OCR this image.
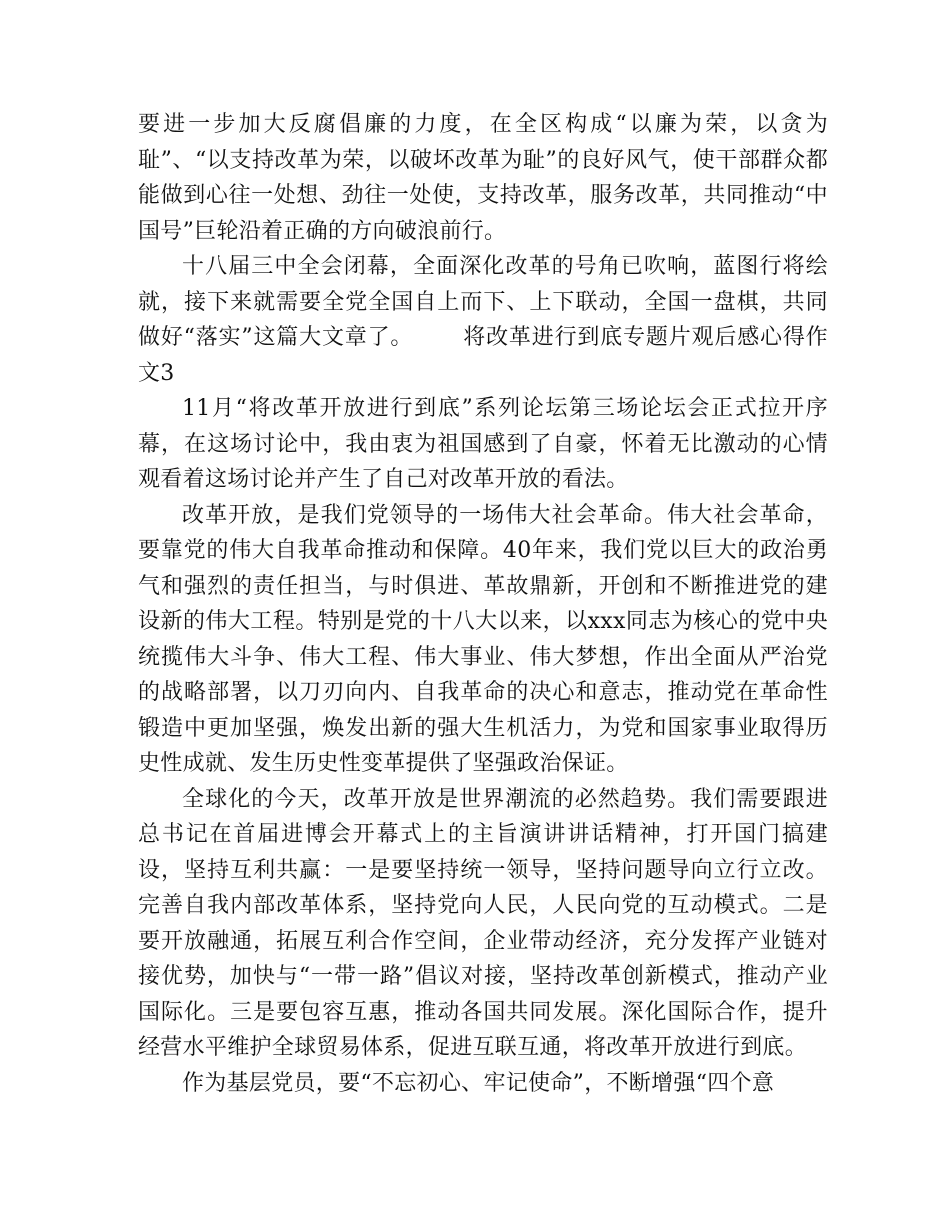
要进一步加大反腐倡廉的力度，在全区构成“以廉为荣，以贪为耻”、“以支持改革为荣，以破坏改革为耻”的良好风气，使干部群众都能做到心往一处想、劲往一处使，支持改革，服务改革，共同推动“中国号”巨轮沿着正确的方向破浪前行。

十八届三中全会闭幕，全面深化改革的号角已吹响，蓝图行将绘就，接下来就需要全党全国自上而下、上下联动，全国一盘棋，共同做好“落实”这篇大文章了。 将改革进行到底专题片观后感心得作文3

11月“将改革开放进行到底”系列论坛第三场论坛会正式拉开序幕，在这场讨论中，我由衷为祖国感到了自豪，怀着无比激动的心情观看着这场讨论并产生了自己对改革开放的看法。

改革开放，是我们党领导的一场伟大社会革命。伟大社会革命，要靠党的伟大自我革命推动和保障。40年来，我们党以巨大的政治勇气和强烈的责任担当，与时俱进、革故鼎新，开创和不断推进党的建设新的伟大工程。特别是党的十八大以来，以xxx同志为核心的党中央统揽伟大斗争、伟大工程、伟大事业、伟大梦想，作出全面从严治党的战略部署，以刀刃向内、自我革命的决心和意志，推动党在革命性锻造中更加坚强，焕发出新的强大生机活力，为党和国家事业取得历史性成就、发生历史性变革提供了坚强政治保证。

全球化的今天，改革开放是世界潮流的必然趋势。我们需要跟进总书记在首届进博会开幕式上的主旨演讲讲话精神，打开国门搞建设，坚持互利共赢：一是要坚持统一领导，坚持问题导向立行立改。完善自我内部改革体系，坚持党向人民，人民向党的互动模式。二是要开放融通，拓展互利合作空间，企业带动经济，充分发挥产业链对接优势，加快与“一带一路”倡议对接，坚持改革创新模式，推动产业国际化。三是要包容互惠，推动各国共同发展。深化国际合作，提升经营水平维护全球贸易体系，促进互联互通，将改革开放进行到底。

作为基层党员，要“不忘初心、牢记使命”，不断增强“四个意
